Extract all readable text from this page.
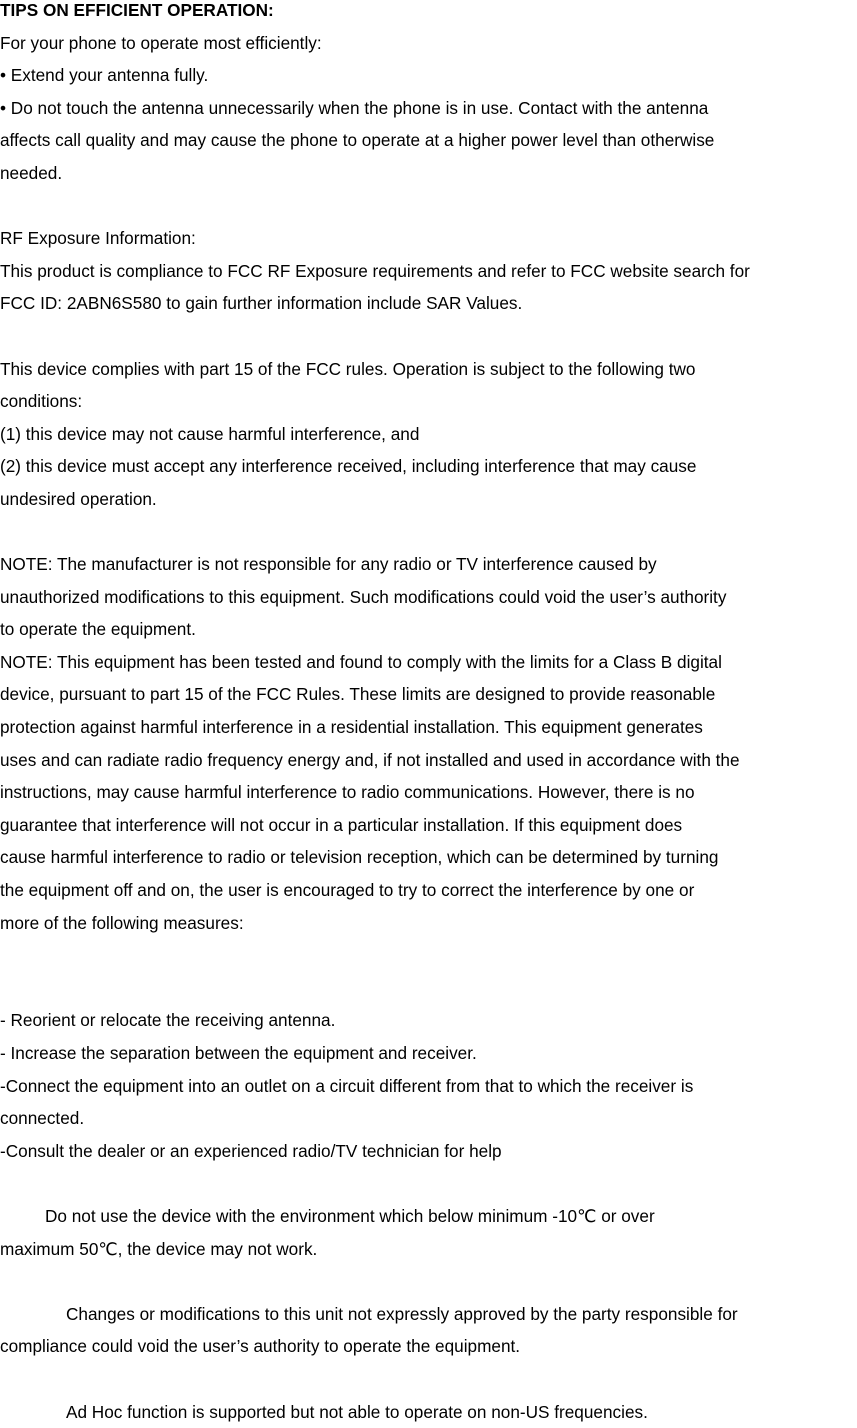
TIPS ON EFFICIENT OPERATION:
For your phone to operate most efficiently:
• Extend your antenna fully.
• Do not touch the antenna unnecessarily when the phone is in use. Contact with the antenna
affects call quality and may cause the phone to operate at a higher power level than otherwise
needed.
RF Exposure Information:
This product is compliance to FCC RF Exposure requirements and refer to FCC website search for
FCC ID: 2ABN6S580 to gain further information include SAR Values.
This device complies with part 15 of the FCC rules. Operation is subject to the following two
conditions:
(1) this device may not cause harmful interference, and
(2) this device must accept any interference received, including interference that may cause
undesired operation.
NOTE: The manufacturer is not responsible for any radio or TV interference caused by
unauthorized modifications to this equipment. Such modifications could void the user’s authority
to operate the equipment.
NOTE: This equipment has been tested and found to comply with the limits for a Class B digital
device, pursuant to part 15 of the FCC Rules. These limits are designed to provide reasonable
protection against harmful interference in a residential installation. This equipment generates
uses and can radiate radio frequency energy and, if not installed and used in accordance with the
instructions, may cause harmful interference to radio communications. However, there is no
guarantee that interference will not occur in a particular installation. If this equipment does
cause harmful interference to radio or television reception, which can be determined by turning
the equipment off and on, the user is encouraged to try to correct the interference by one or
more of the following measures:
- Reorient or relocate the receiving antenna.
- Increase the separation between the equipment and receiver.
-Connect the equipment into an outlet on a circuit different from that to which the receiver is
connected.
-Consult the dealer or an experienced radio/TV technician for help
Do not use the device with the environment which below minimum -10℃ or over
maximum 50℃, the device may not work.
Changes or modifications to this unit not expressly approved by the party responsible for
compliance could void the user’s authority to operate the equipment.
Ad Hoc function is supported but not able to operate on non-US frequencies.
